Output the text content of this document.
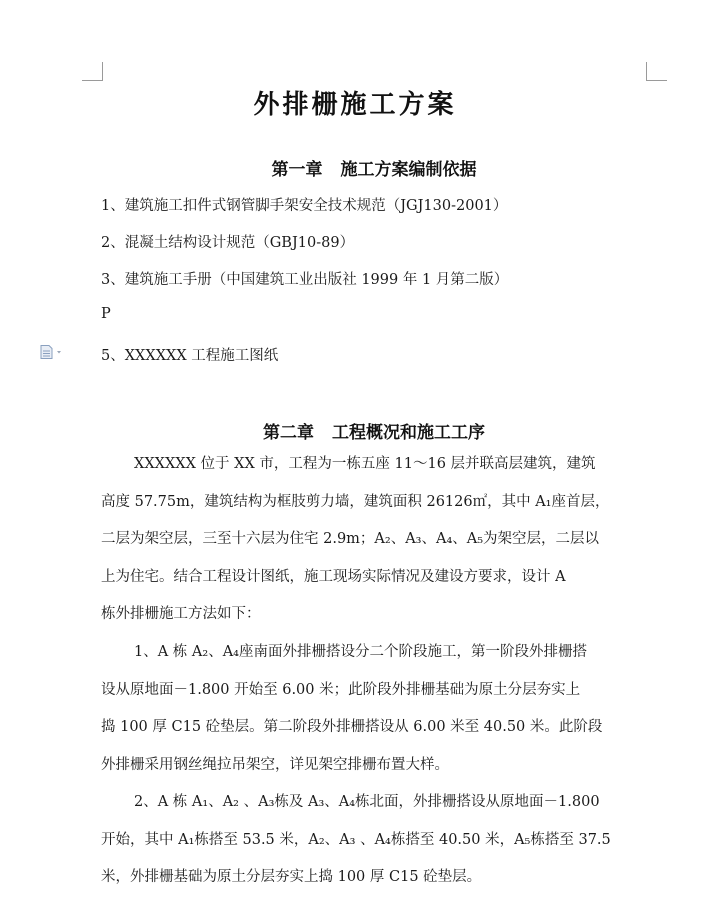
外排栅施工方案
第一章 施工方案编制依据
1、建筑施工扣件式钢管脚手架安全技术规范（JGJ130-2001）
2、混凝土结构设计规范（GBJ10-89）
3、建筑施工手册（中国建筑工业出版社 1999 年 1 月第二版）
P
5、XXXXXX 工程施工图纸
第二章 工程概况和施工工序
XXXXXX 位于 XX 市，工程为一栋五座 11～16 层并联高层建筑，建筑
高度 57.75m，建筑结构为框肢剪力墙，建筑面积 26126㎡，其中 A₁座首层，
二层为架空层，三至十六层为住宅 2.9m；A₂、A₃、A₄、A₅为架空层，二层以
上为住宅。结合工程设计图纸，施工现场实际情况及建设方要求，设计 A
栋外排栅施工方法如下：
1、A 栋 A₂、A₄座南面外排栅搭设分二个阶段施工，第一阶段外排栅搭
设从原地面－1.800 开始至 6.00 米；此阶段外排栅基础为原土分层夯实上
捣 100 厚 C15 砼垫层。第二阶段外排栅搭设从 6.00 米至 40.50 米。此阶段
外排栅采用钢丝绳拉吊架空，详见架空排栅布置大样。
2、A 栋 A₁、A₂ 、A₃栋及 A₃、A₄栋北面，外排栅搭设从原地面－1.800
开始，其中 A₁栋搭至 53.5 米，A₂、A₃ 、A₄栋搭至 40.50 米，A₅栋搭至 37.5
米，外排栅基础为原土分层夯实上捣 100 厚 C15 砼垫层。
